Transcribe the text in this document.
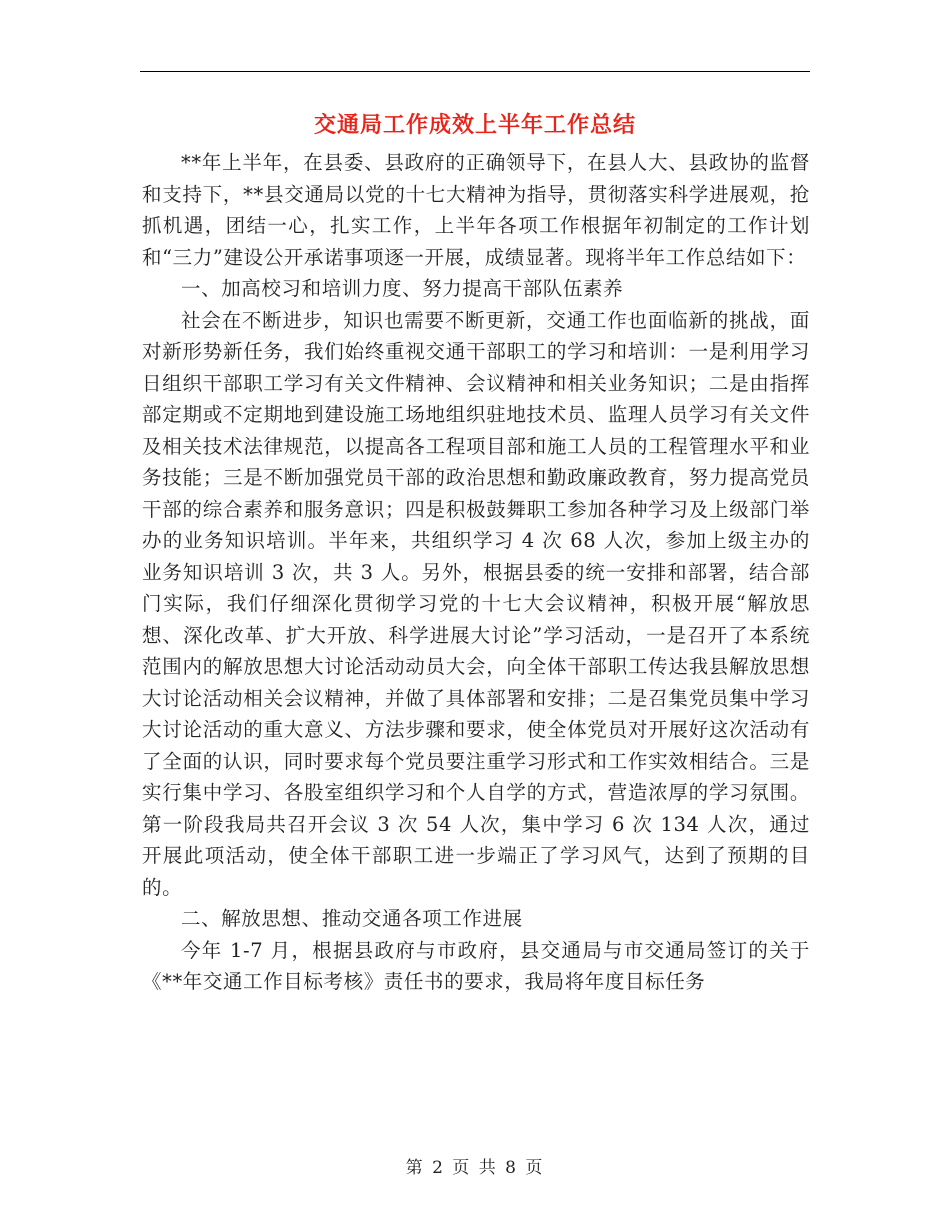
交通局工作成效上半年工作总结

**年上半年，在县委、县政府的正确领导下，在县人大、县政协的监督和支持下，**县交通局以党的十七大精神为指导，贯彻落实科学进展观，抢抓机遇，团结一心，扎实工作，上半年各项工作根据年初制定的工作计划和“三力”建设公开承诺事项逐一开展，成绩显著。现将半年工作总结如下：

一、加高校习和培训力度、努力提高干部队伍素养

社会在不断进步，知识也需要不断更新，交通工作也面临新的挑战，面对新形势新任务，我们始终重视交通干部职工的学习和培训：一是利用学习日组织干部职工学习有关文件精神、会议精神和相关业务知识；二是由指挥部定期或不定期地到建设施工场地组织驻地技术员、监理人员学习有关文件及相关技术法律规范，以提高各工程项目部和施工人员的工程管理水平和业务技能；三是不断加强党员干部的政治思想和勤政廉政教育，努力提高党员干部的综合素养和服务意识；四是积极鼓舞职工参加各种学习及上级部门举办的业务知识培训。半年来，共组织学习 4 次 68 人次，参加上级主办的业务知识培训 3 次，共 3 人。另外，根据县委的统一安排和部署，结合部门实际，我们仔细深化贯彻学习党的十七大会议精神，积极开展“解放思想、深化改革、扩大开放、科学进展大讨论”学习活动，一是召开了本系统范围内的解放思想大讨论活动动员大会，向全体干部职工传达我县解放思想大讨论活动相关会议精神，并做了具体部署和安排；二是召集党员集中学习大讨论活动的重大意义、方法步骤和要求，使全体党员对开展好这次活动有了全面的认识，同时要求每个党员要注重学习形式和工作实效相结合。三是实行集中学习、各股室组织学习和个人自学的方式，营造浓厚的学习氛围。第一阶段我局共召开会议 3 次 54 人次，集中学习 6 次 134 人次，通过开展此项活动，使全体干部职工进一步端正了学习风气，达到了预期的目的。

二、解放思想、推动交通各项工作进展

今年 1-7 月，根据县政府与市政府，县交通局与市交通局签订的关于《**年交通工作目标考核》责任书的要求，我局将年度目标任务

第 2 页 共 8 页
